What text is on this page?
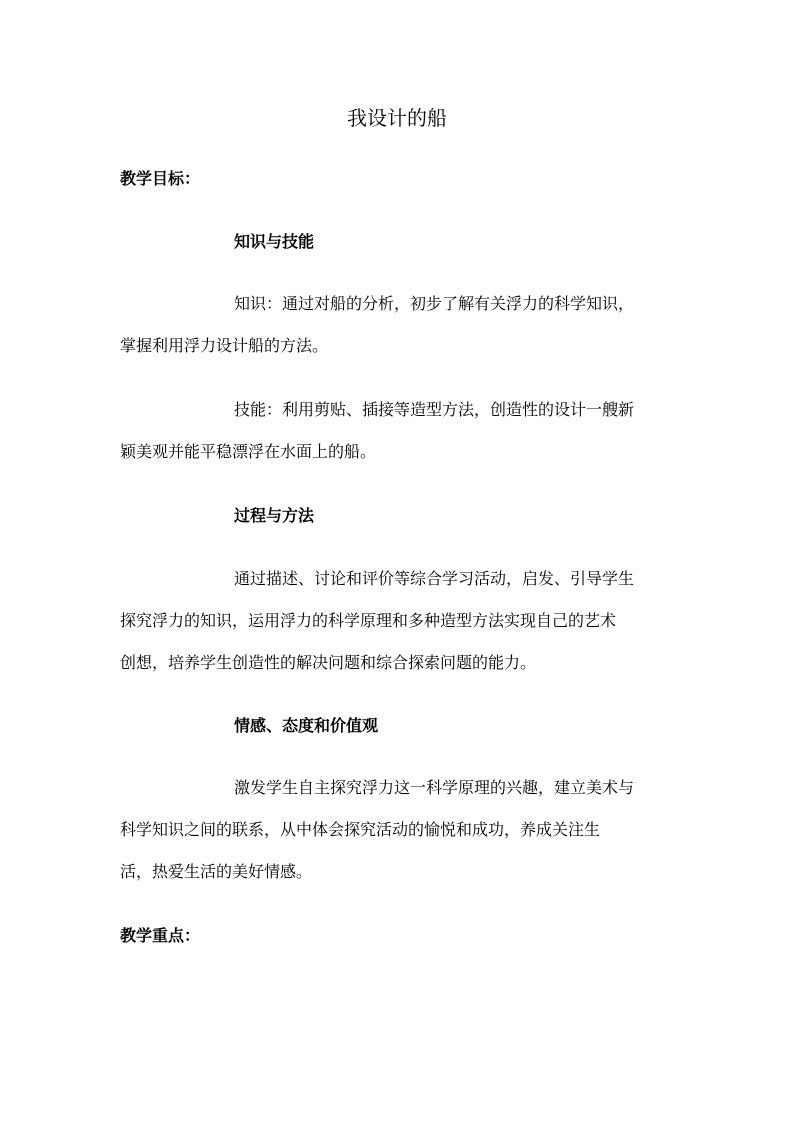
我设计的船
教学目标：
知识与技能
知识：通过对船的分析，初步了解有关浮力的科学知识，
掌握利用浮力设计船的方法。
技能：利用剪贴、插接等造型方法，创造性的设计一艘新
颖美观并能平稳漂浮在水面上的船。
过程与方法
通过描述、讨论和评价等综合学习活动，启发、引导学生
探究浮力的知识，运用浮力的科学原理和多种造型方法实现自己的艺术
创想，培养学生创造性的解决问题和综合探索问题的能力。
情感、态度和价值观
激发学生自主探究浮力这一科学原理的兴趣，建立美术与
科学知识之间的联系，从中体会探究活动的愉悦和成功，养成关注生
活，热爱生活的美好情感。
教学重点：
